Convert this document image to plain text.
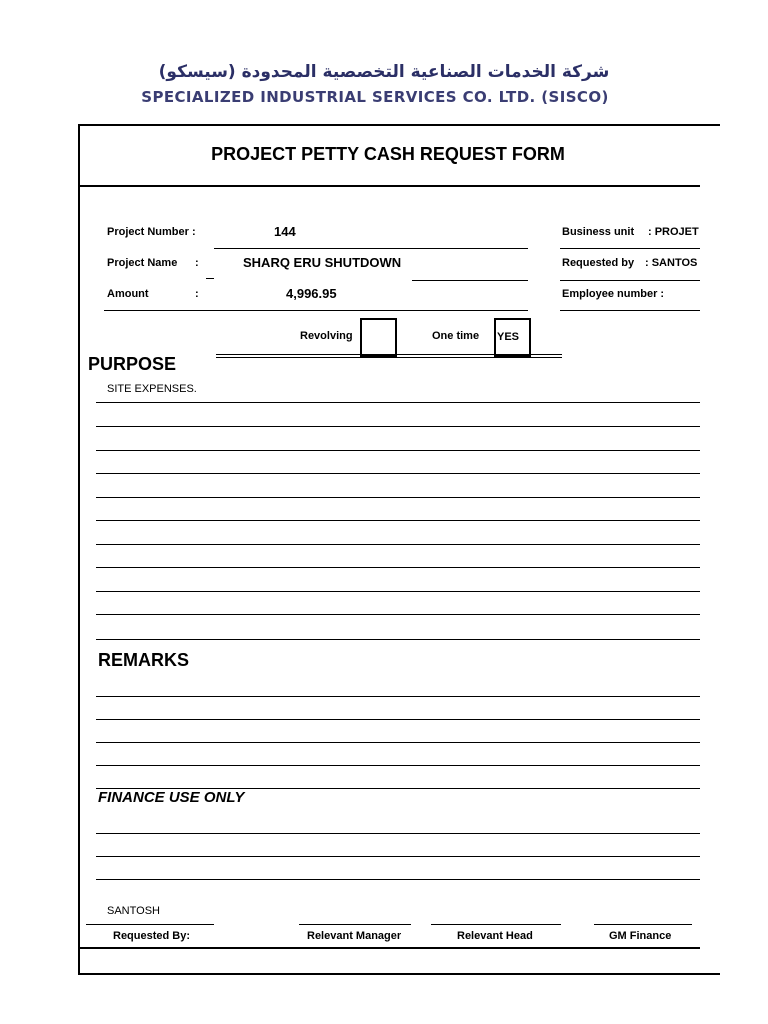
شركة الخدمات الصناعية التخصصية المحدودة (سيسكو)
SPECIALIZED INDUSTRIAL SERVICES CO. LTD. (SISCO)
PROJECT PETTY CASH REQUEST FORM
Project Number :	144
Project Name :	SHARQ ERU SHUTDOWN
Amount	:	4,996.95
Business unit : PROJET
Requested by : SANTOS
Employee number :
Revolving	One time YES
PURPOSE
SITE EXPENSES.
REMARKS
FINANCE USE ONLY
SANTOSH
Requested By:	Relevant Manager	Relevant Head	GM Finance
